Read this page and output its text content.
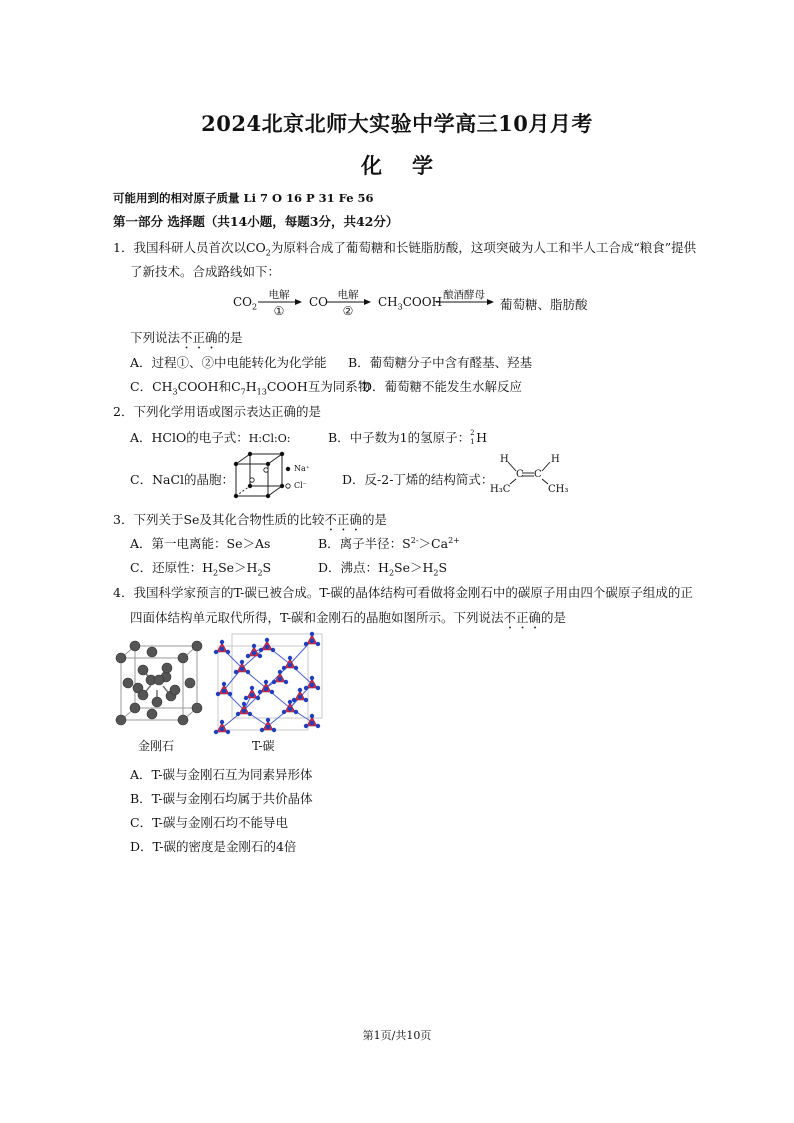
2024北京北师大实验中学高三10月月考
化学
可能用到的相对原子质量 Li 7 O 16 P 31 Fe 56
第一部分 选择题（共14小题，每题3分，共42分）
1．我国科研人员首次以$CO_2$为原料合成了葡萄糖和长链脂肪酸，这项突破为人工和半人工合成“粮食”提供
了新技术。合成路线如下：
$CO_2$
电解
①
CO 电解
②
$CH_3COOH$ 酿酒酵母
葡萄糖、脂肪酸
下列说法不正确的是
A．过程①、②中电能转化为化学能 B．葡萄糖分子中含有醛基、羟基
C．$CH_3COOH$和$C_7H_{13}COOH$互为同系物
D．葡萄糖不能发生水解反应
2．下列化学用语或图示表达正确的是
A．HClO的电子式：H:Cl:O:	B．中子数为1的氢原子： 2
1 H
C．NaCl的晶胞：
Na⁺
Cl⁻	D．反-2-丁烯的结构简式：
H	H
C C
H₃C	CH₃
3．下列关于Se及其化合物性质的比较不正确的是
A．第一电离能：Se＞As	B．离子半径：$S^{2-}>Ca^{2+}$
C．还原性：$H_2Se>H_2S$	D．沸点：$H_2Se>H_2S$
4．我国科学家预言的T-碳已被合成。T-碳的晶体结构可看做将金刚石中的碳原子用由四个碳原子组成的正
四面体结构单元取代所得，T-碳和金刚石的晶胞如图所示。下列说法不正确的是
金刚石	T-碳
A．T-碳与金刚石互为同素异形体
B．T-碳与金刚石均属于共价晶体
C．T-碳与金刚石均不能导电
D．T-碳的密度是金刚石的4倍
第1页/共10页
